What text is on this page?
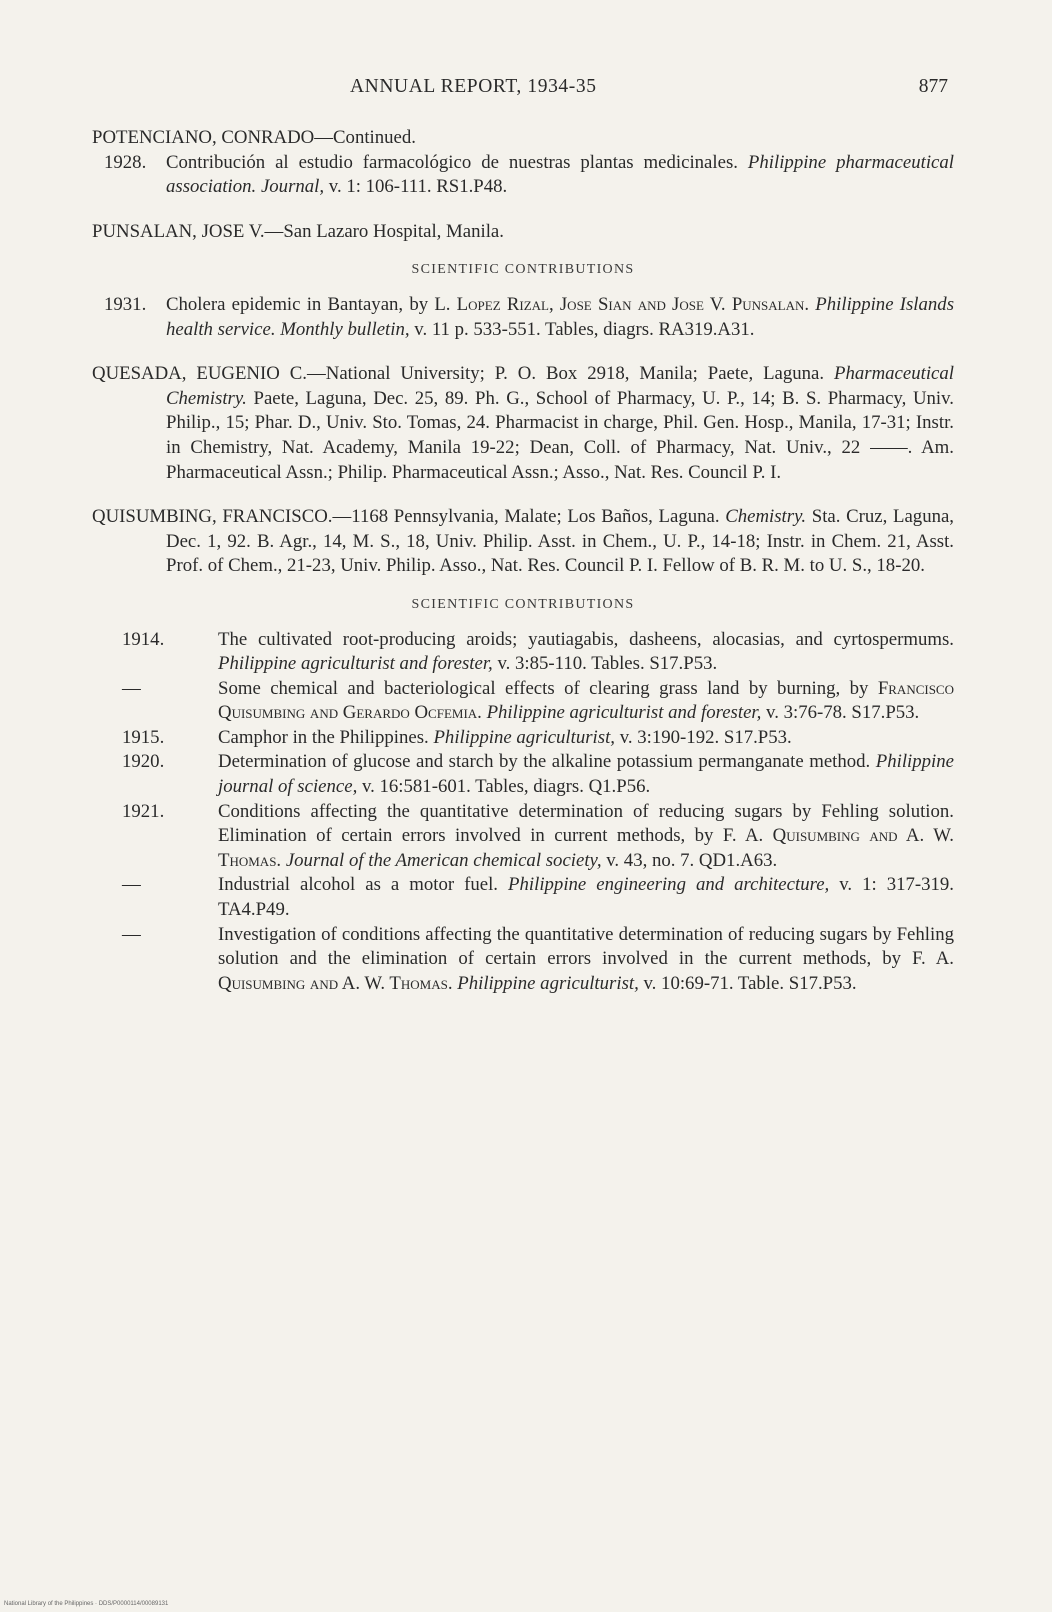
ANNUAL REPORT, 1934-35	877

POTENCIANO, CONRADO—Continued.

1928. Contribución al estudio farmacológico de nuestras plantas medicinales. Philippine pharmaceutical association. Journal, v. 1: 106-111. RS1.P48.

PUNSALAN, JOSE V.—San Lazaro Hospital, Manila.

SCIENTIFIC CONTRIBUTIONS

1931. Cholera epidemic in Bantayan, by L. Lopez Rizal, Jose Sian and Jose V. Punsalan. Philippine Islands health service. Monthly bulletin, v. 11 p. 533-551. Tables, diagrs. RA319.A31.

QUESADA, EUGENIO C.—National University; P. O. Box 2918, Manila; Paete, Laguna. Pharmaceutical Chemistry. Paete, Laguna, Dec. 25, 89. Ph. G., School of Pharmacy, U. P., 14; B. S. Pharmacy, Univ. Philip., 15; Phar. D., Univ. Sto. Tomas, 24. Pharmacist in charge, Phil. Gen. Hosp., Manila, 17-31; Instr. in Chemistry, Nat. Academy, Manila 19-22; Dean, Coll. of Pharmacy, Nat. Univ., 22 ——. Am. Pharmaceutical Assn.; Philip. Pharmaceutical Assn.; Asso., Nat. Res. Council P. I.

QUISUMBING, FRANCISCO.—1168 Pennsylvania, Malate; Los Baños, Laguna. Chemistry. Sta. Cruz, Laguna, Dec. 1, 92. B. Agr., 14, M. S., 18, Univ. Philip. Asst. in Chem., U. P., 14-18; Instr. in Chem. 21, Asst. Prof. of Chem., 21-23, Univ. Philip. Asso., Nat. Res. Council P. I. Fellow of B. R. M. to U. S., 18-20.

SCIENTIFIC CONTRIBUTIONS

1914.	The cultivated root-producing aroids; yautiagabis, dasheens, alocasias, and cyrtospermums. Philippine agriculturist and forester, v. 3:85-110. Tables. S17.P53.

—	Some chemical and bacteriological effects of clearing grass land by burning, by Francisco Quisumbing and Gerardo Ocfemia. Philippine agriculturist and forester, v. 3:76-78. S17.P53.

1915.	Camphor in the Philippines. Philippine agriculturist, v. 3:190-192. S17.P53.

1920.	Determination of glucose and starch by the alkaline potassium permanganate method. Philippine journal of science, v. 16:581-601. Tables, diagrs. Q1.P56.

1921.	Conditions affecting the quantitative determination of reducing sugars by Fehling solution. Elimination of certain errors involved in current methods, by F. A. Quisumbing and A. W. Thomas. Journal of the American chemical society, v. 43, no. 7. QD1.A63.

—	Industrial alcohol as a motor fuel. Philippine engineering and architecture, v. 1: 317-319. TA4.P49.

—	Investigation of conditions affecting the quantitative determination of reducing sugars by Fehling solution and the elimination of certain errors involved in the current methods, by F. A. Quisumbing and A. W. Thomas. Philippine agriculturist, v. 10:69-71. Table. S17.P53.

National Library of the Philippines · DDS/P0000114/00089131
